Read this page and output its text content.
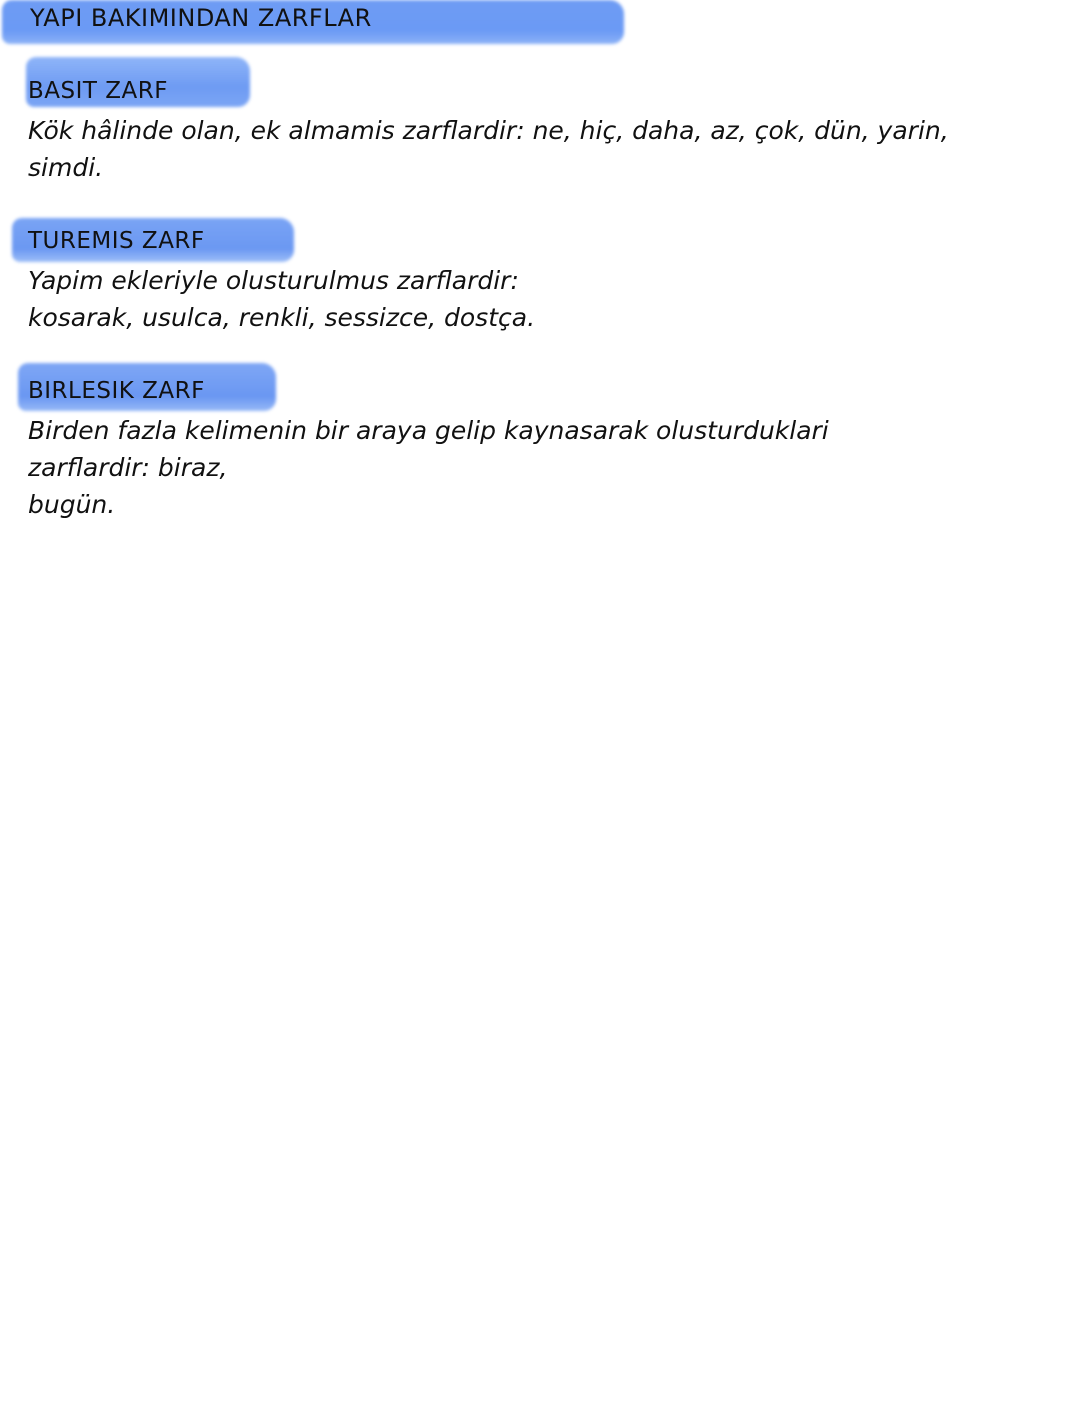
YAPI BAKIMINDAN ZARFLAR
BASIT ZARF

Kök hâlinde olan, ek almamis zarflardir: ne, hiç, daha, az, çok, dün, yarin,
simdi.

TUREMIS ZARF

Yapim ekleriyle olusturulmus zarflardir:
kosarak, usulca, renkli, sessizce, dostça.

BIRLESIK ZARF

Birden fazla kelimenin bir araya gelip kaynasarak olusturduklari
zarflardir: biraz,
bugün.
